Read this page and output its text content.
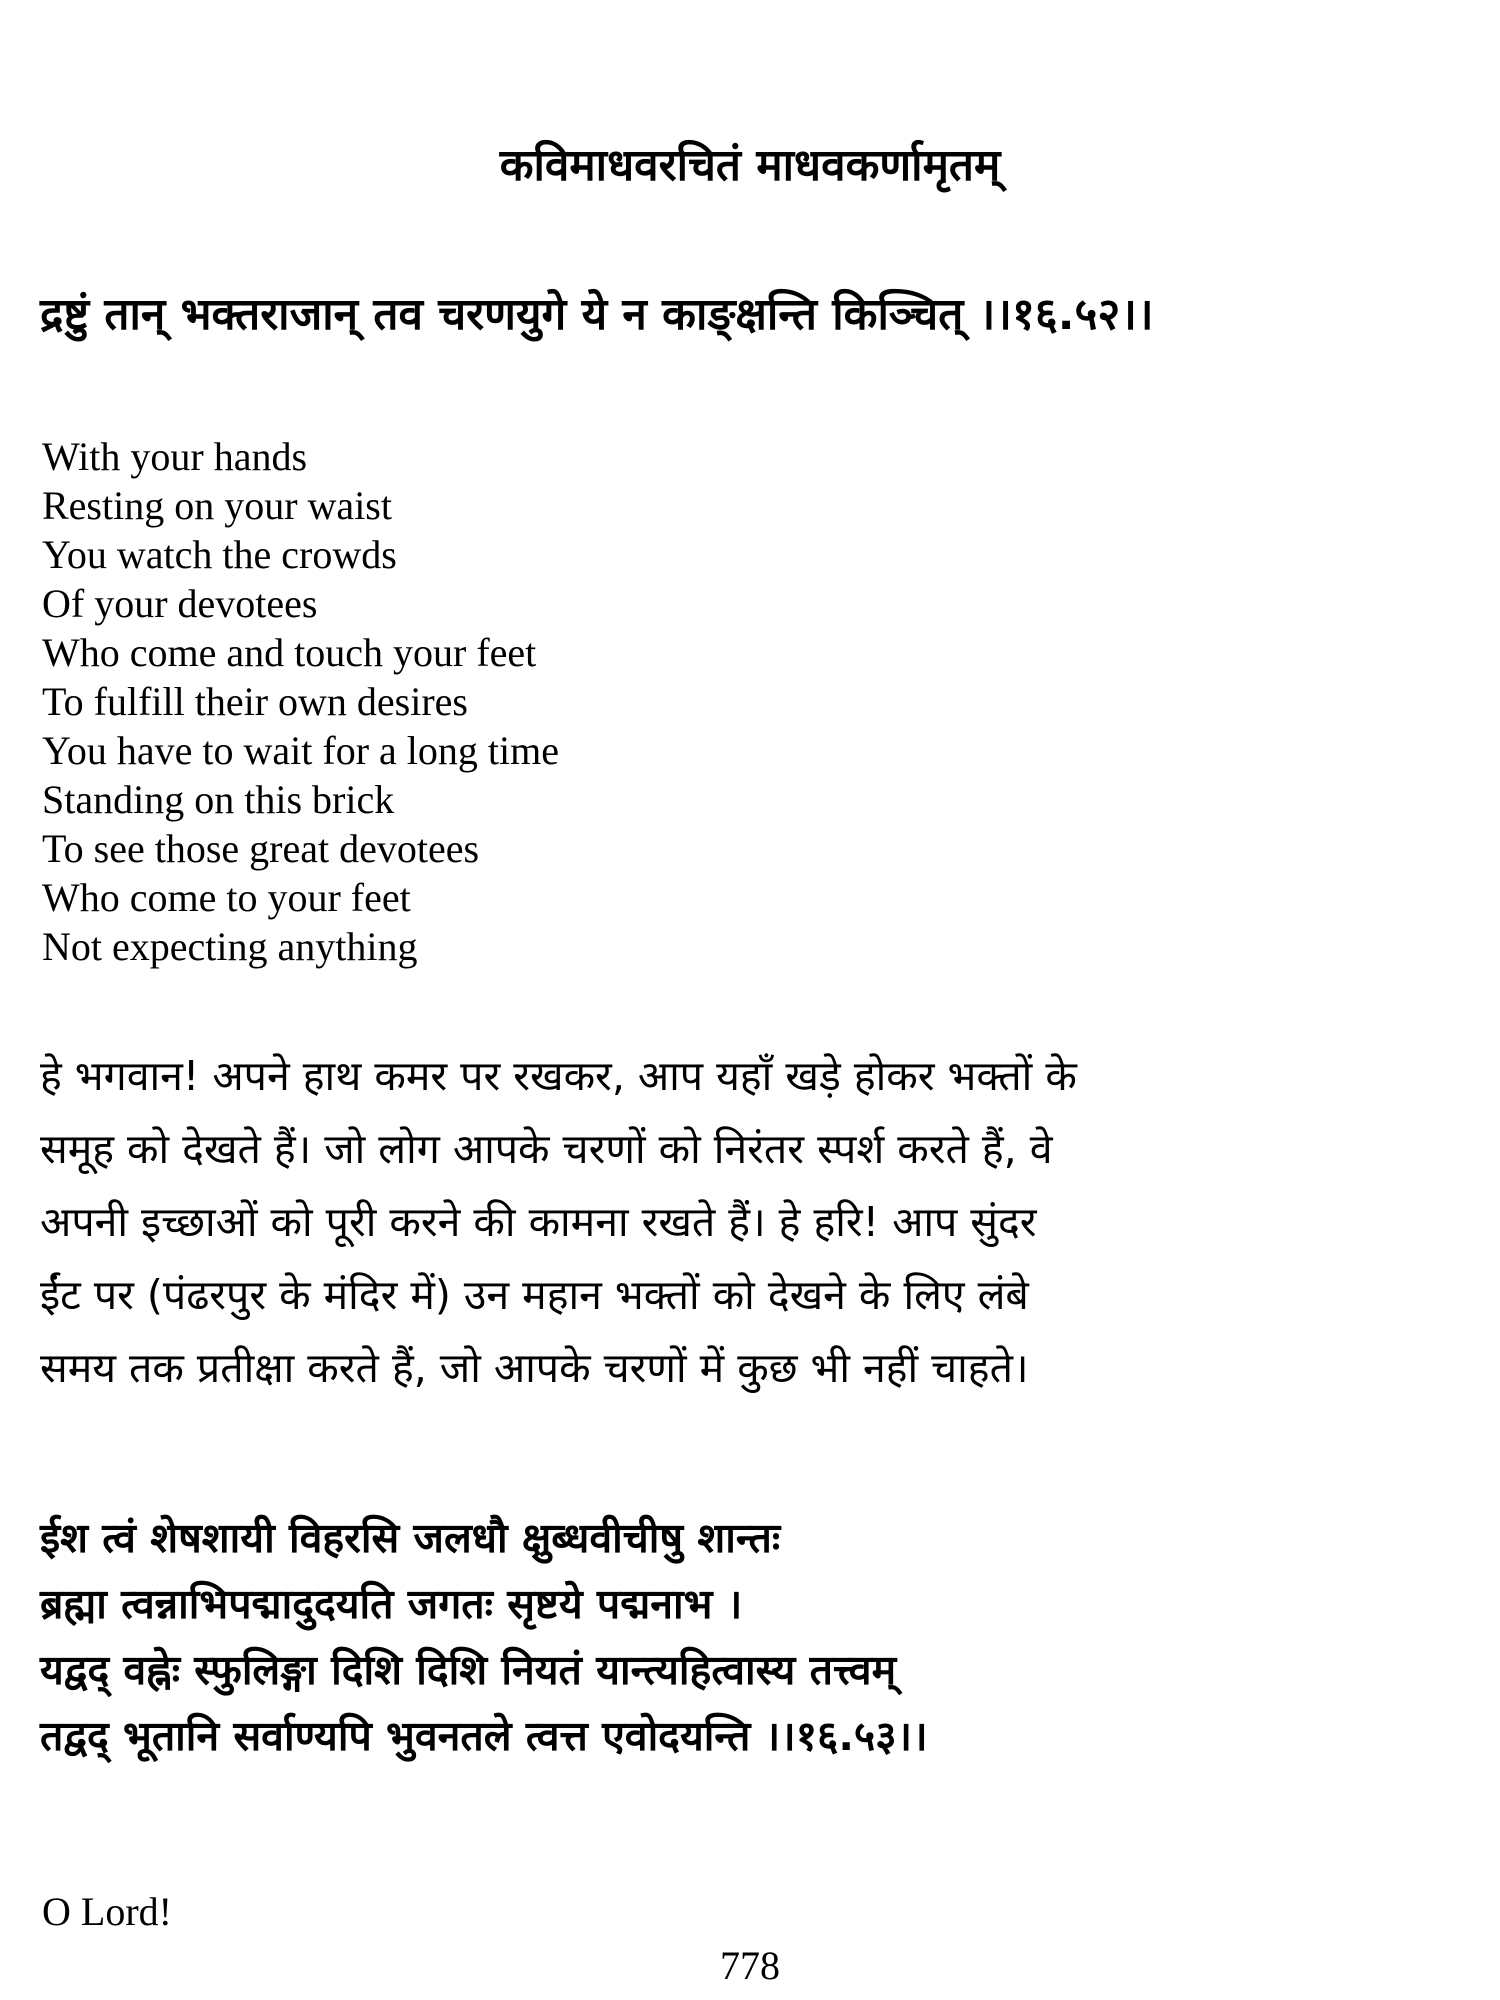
कविमाधवरचितं माधवकर्णामृतम्
द्रष्टुं तान् भक्तराजान् तव चरणयुगे ये न काङ्क्षन्ति किञ्चित् ।।१६.५२।।
With your hands
Resting on your waist
You watch the crowds
Of your devotees
Who come and touch your feet
To fulfill their own desires
You have to wait for a long time
Standing on this brick
To see those great devotees
Who come to your feet
Not expecting anything
हे भगवान! अपने हाथ कमर पर रखकर, आप यहाँ खड़े होकर भक्तों के
समूह को देखते हैं। जो लोग आपके चरणों को निरंतर स्पर्श करते हैं, वे
अपनी इच्छाओं को पूरी करने की कामना रखते हैं। हे हरि! आप सुंदर
ईंट पर (पंढरपुर के मंदिर में) उन महान भक्तों को देखने के लिए लंबे
समय तक प्रतीक्षा करते हैं, जो आपके चरणों में कुछ भी नहीं चाहते।
ईश त्वं शेषशायी विहरसि जलधौ क्षुब्धवीचीषु शान्तः
ब्रह्मा त्वन्नाभिपद्मादुदयति जगतः सृष्टये पद्मनाभ ।
यद्वद् वह्नेः स्फुलिङ्गा दिशि दिशि नियतं यान्त्यहित्वास्य तत्त्वम्
तद्वद् भूतानि सर्वाण्यपि भुवनतले त्वत्त एवोदयन्ति ।।१६.५३।।
O Lord!
778
